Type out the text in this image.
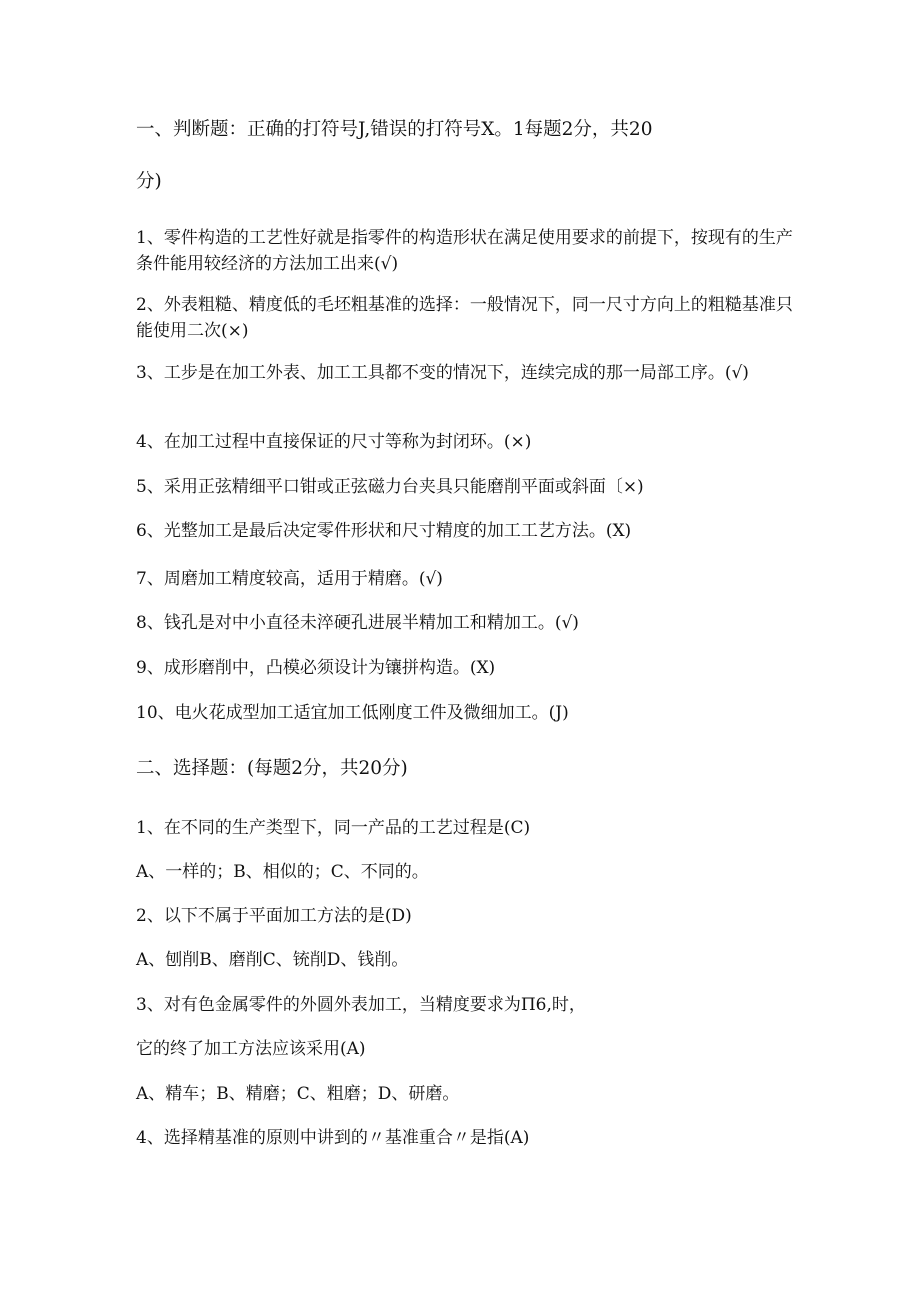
一、判断题：正确的打符号J,错误的打符号X。1每题2分，共20
分)
1、零件构造的工艺性好就是指零件的构造形状在满足使用要求的前提下，按现有的生产条件能用较经济的方法加工出来(√)
2、外表粗糙、精度低的毛坯粗基准的选择：一般情况下，同一尺寸方向上的粗糙基准只能使用二次(×)
3、工步是在加工外表、加工工具都不变的情况下，连续完成的那一局部工序。(√)
4、在加工过程中直接保证的尺寸等称为封闭环。(×)
5、采用正弦精细平口钳或正弦磁力台夹具只能磨削平面或斜面〔×)
6、光整加工是最后决定零件形状和尺寸精度的加工工艺方法。(X)
7、周磨加工精度较高，适用于精磨。(√)
8、钱孔是对中小直径未淬硬孔进展半精加工和精加工。(√)
9、成形磨削中，凸模必须设计为镶拼构造。(X)
10、电火花成型加工适宜加工低刚度工件及微细加工。(J)
二、选择题：(每题2分，共20分)
1、在不同的生产类型下，同一产品的工艺过程是(C)
A、一样的；B、相似的；C、不同的。
2、以下不属于平面加工方法的是(D)
A、刨削B、磨削C、铳削D、钱削。
3、对有色金属零件的外圆外表加工，当精度要求为Π6,时，
它的终了加工方法应该采用(A)
A、精车；B、精磨；C、粗磨；D、研磨。
4、选择精基准的原则中讲到的〃基准重合〃是指(A)
